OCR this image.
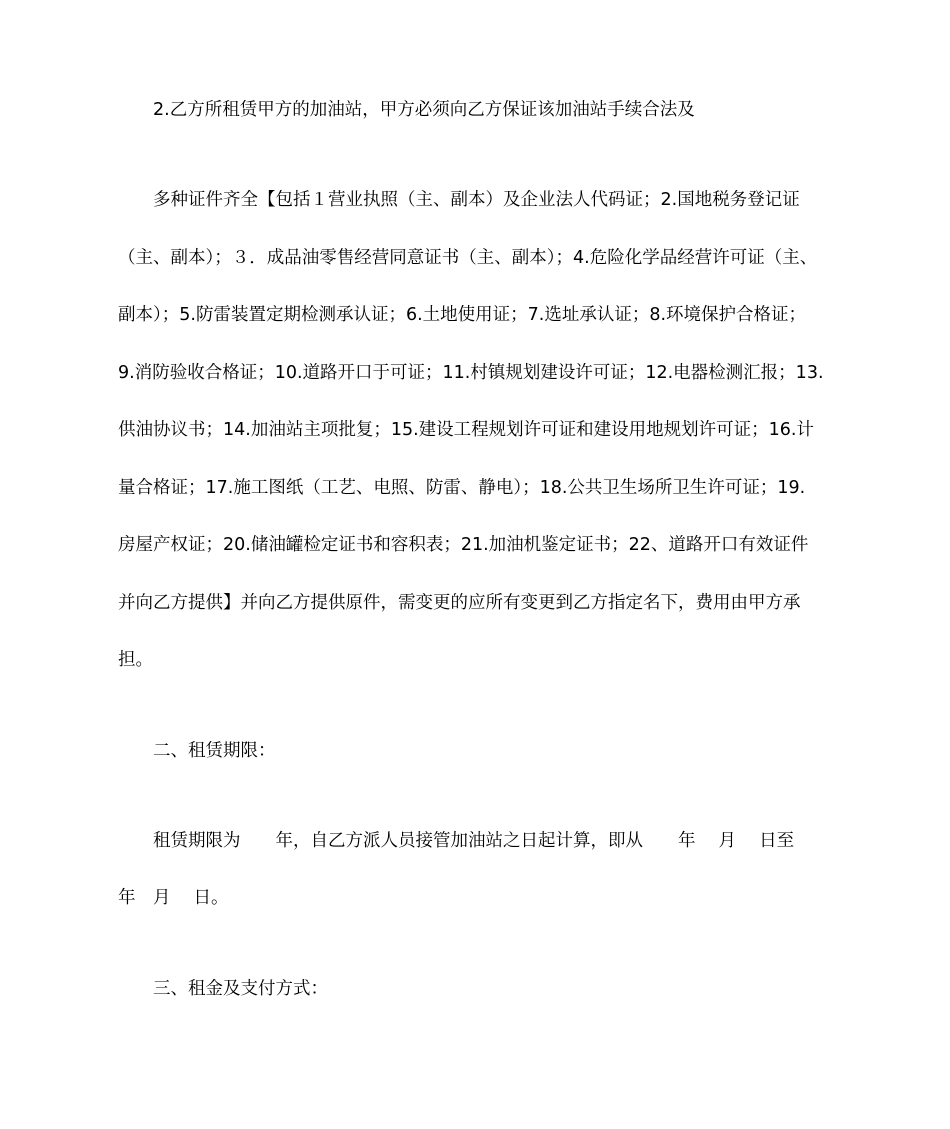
2.乙方所租赁甲方的加油站，甲方必须向乙方保证该加油站手续合法及
多种证件齐全【包括１营业执照（主、副本）及企业法人代码证；2.国地税务登记证
（主、副本）；３．成品油零售经营同意证书（主、副本）；4.危险化学品经营许可证（主、
副本）；5.防雷装置定期检测承认证；6.土地使用证；7.选址承认证；8.环境保护合格证；
9.消防验收合格证；10.道路开口于可证；11.村镇规划建设许可证；12.电器检测汇报；13.
供油协议书；14.加油站主项批复；15.建设工程规划许可证和建设用地规划许可证；16.计
量合格证；17.施工图纸（工艺、电照、防雷、静电）；18.公共卫生场所卫生许可证；19.
房屋产权证；20.储油罐检定证书和容积表；21.加油机鉴定证书；22、道路开口有效证件
并向乙方提供】并向乙方提供原件，需变更的应所有变更到乙方指定名下，费用由甲方承
担。
二、租赁期限：
租赁期限为　　年，自乙方派人员接管加油站之日起计算，即从　　年　 月　 日至
年　月　 日。
三、租金及支付方式：
